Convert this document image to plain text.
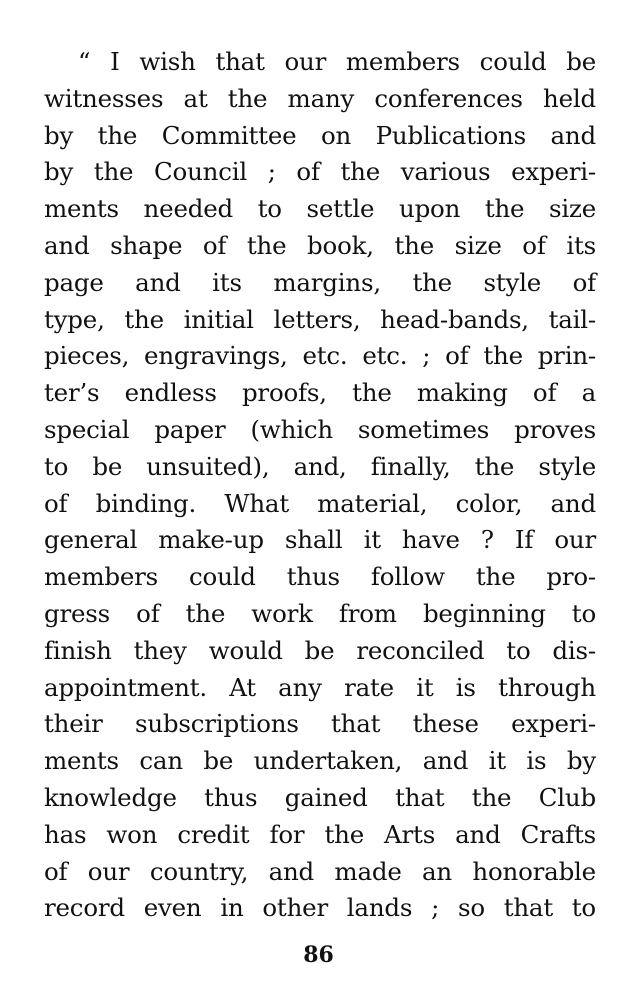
“ I wish that our members could be
witnesses at the many conferences held
by the Committee on Publications and
by the Council ; of the various experi-
ments needed to settle upon the size
and shape of the book, the size of its
page and its margins, the style of
type, the initial letters, head-bands, tail-
pieces, engravings, etc. etc. ; of the prin-
ter’s endless proofs, the making of a
special paper (which sometimes proves
to be unsuited), and, finally, the style
of binding. What material, color, and
general make-up shall it have ? If our
members could thus follow the pro-
gress of the work from beginning to
finish they would be reconciled to dis-
appointment. At any rate it is through
their subscriptions that these experi-
ments can be undertaken, and it is by
knowledge thus gained that the Club
has won credit for the Arts and Crafts
of our country, and made an honorable
record even in other lands ; so that to
86
